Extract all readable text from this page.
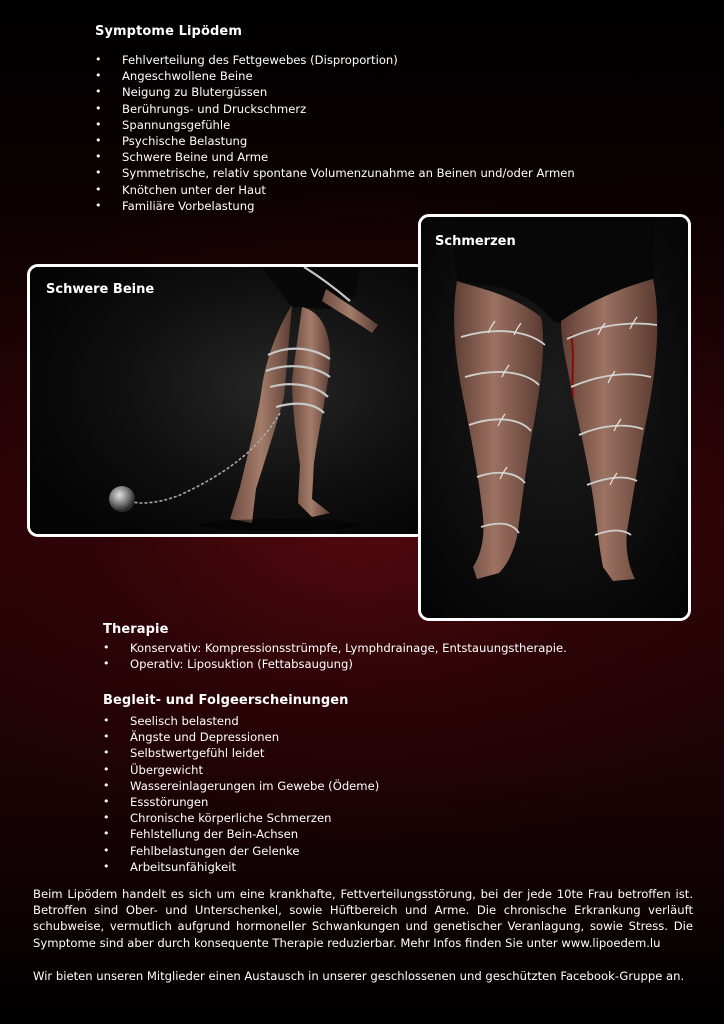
Symptome Lipödem
• Fehlverteilung des Fettgewebes (Disproportion)
• Angeschwollene Beine
• Neigung zu Blutergüssen
• Berührungs- und Druckschmerz
• Spannungsgefühle
• Psychische Belastung
• Schwere Beine und Arme
• Symmetrische, relativ spontane Volumenzunahme an Beinen und/oder Armen
• Knötchen unter der Haut
• Familiäre Vorbelastung
Schwere Beine
Schmerzen
Therapie
• Konservativ: Kompressionsstrümpfe, Lymphdrainage, Entstauungstherapie.
• Operativ: Liposuktion (Fettabsaugung)
Begleit- und Folgeerscheinungen
• Seelisch belastend
• Ängste und Depressionen
• Selbstwertgefühl leidet
• Übergewicht
• Wassereinlagerungen im Gewebe (Ödeme)
• Essstörungen
• Chronische körperliche Schmerzen
• Fehlstellung der Bein-Achsen
• Fehlbelastungen der Gelenke
• Arbeitsunfähigkeit

Beim Lipödem handelt es sich um eine krankhafte, Fettverteilungsstörung, bei der jede 10te Frau betroffen ist. Betroffen sind Ober- und Unterschenkel, sowie Hüftbereich und Arme. Die chronische Erkrankung verläuft schubweise, vermutlich aufgrund hormoneller Schwankungen und genetischer Veranlagung, sowie Stress. Die Symptome sind aber durch konsequente Therapie reduzierbar. Mehr Infos finden Sie unter www.lipoedem.lu

Wir bieten unseren Mitglieder einen Austausch in unserer geschlossenen und geschützten Facebook-Gruppe an.
